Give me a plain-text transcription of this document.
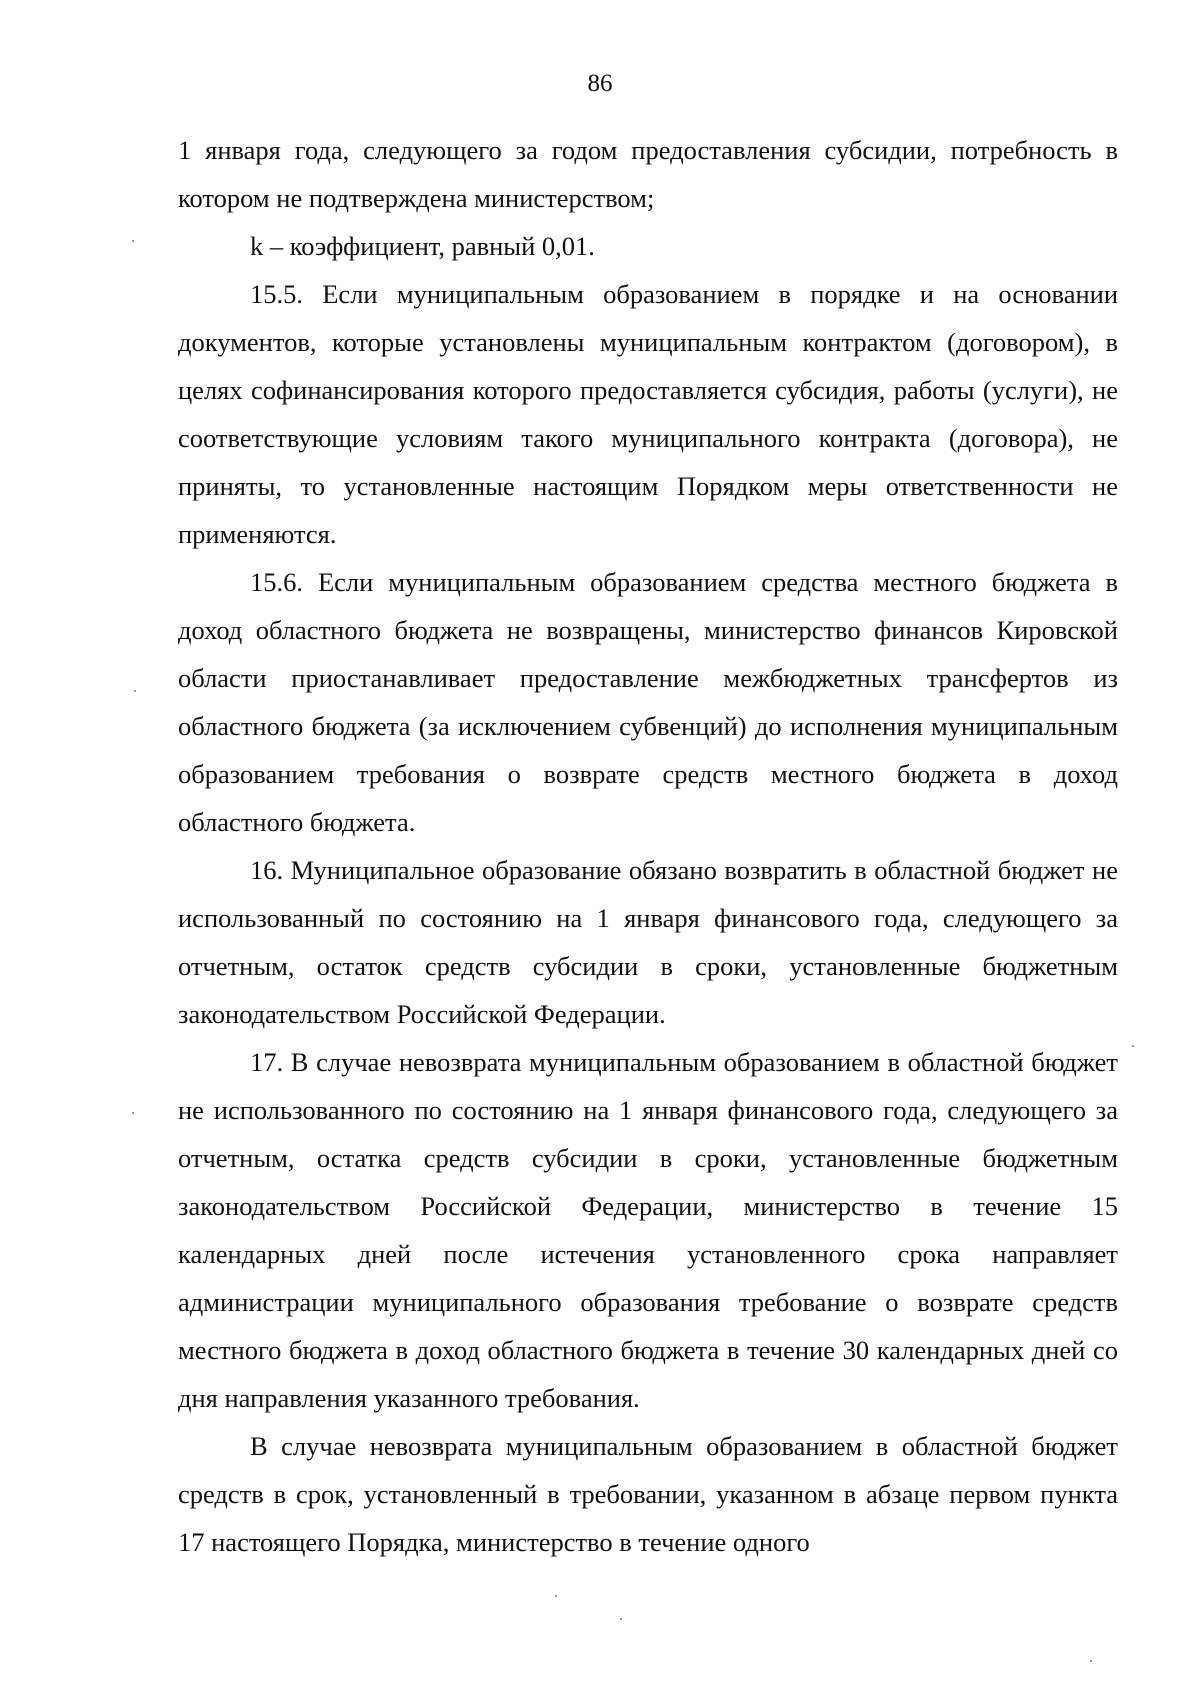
86

1 января года, следующего за годом предоставления субсидии, потребность в котором не подтверждена министерством;

k – коэффициент, равный 0,01.

15.5. Если муниципальным образованием в порядке и на основании документов, которые установлены муниципальным контрактом (договором), в целях софинансирования которого предоставляется субсидия, работы (услуги), не соответствующие условиям такого муниципального контракта (договора), не приняты, то установленные настоящим Порядком меры ответственности не применяются.

15.6. Если муниципальным образованием средства местного бюджета в доход областного бюджета не возвращены, министерство финансов Кировской области приостанавливает предоставление межбюджетных трансфертов из областного бюджета (за исключением субвенций) до исполнения муниципальным образованием требования о возврате средств местного бюджета в доход областного бюджета.

16. Муниципальное образование обязано возвратить в областной бюджет не использованный по состоянию на 1 января финансового года, следующего за отчетным, остаток средств субсидии в сроки, установленные бюджетным законодательством Российской Федерации.

17. В случае невозврата муниципальным образованием в областной бюджет не использованного по состоянию на 1 января финансового года, следующего за отчетным, остатка средств субсидии в сроки, установленные бюджетным законодательством Российской Федерации, министерство в течение 15 календарных дней после истечения установленного срока направляет администрации муниципального образования требование о возврате средств местного бюджета в доход областного бюджета в течение 30 календарных дней со дня направления указанного требования.

В случае невозврата муниципальным образованием в областной бюджет средств в срок, установленный в требовании, указанном в абзаце первом пункта 17 настоящего Порядка, министерство в течение одного
